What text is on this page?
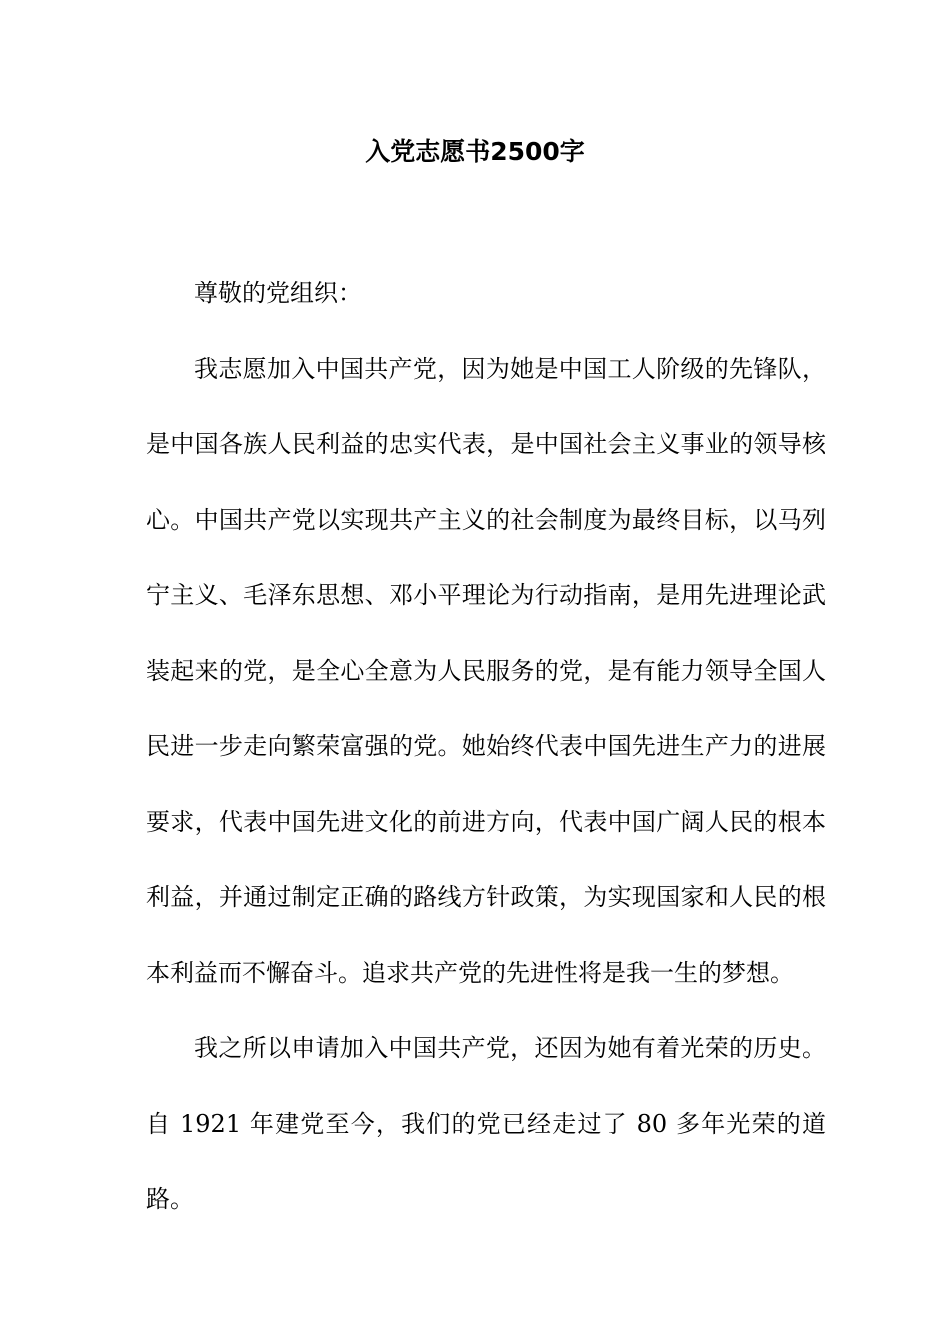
入党志愿书2500字

尊敬的党组织：

我志愿加入中国共产党，因为她是中国工人阶级的先锋队，是中国各族人民利益的忠实代表，是中国社会主义事业的领导核心。中国共产党以实现共产主义的社会制度为最终目标，以马列宁主义、毛泽东思想、邓小平理论为行动指南，是用先进理论武装起来的党，是全心全意为人民服务的党，是有能力领导全国人民进一步走向繁荣富强的党。她始终代表中国先进生产力的进展要求，代表中国先进文化的前进方向，代表中国广阔人民的根本利益，并通过制定正确的路线方针政策，为实现国家和人民的根本利益而不懈奋斗。追求共产党的先进性将是我一生的梦想。

我之所以申请加入中国共产党，还因为她有着光荣的历史。自 1921 年建党至今，我们的党已经走过了 80 多年光荣的道路。
